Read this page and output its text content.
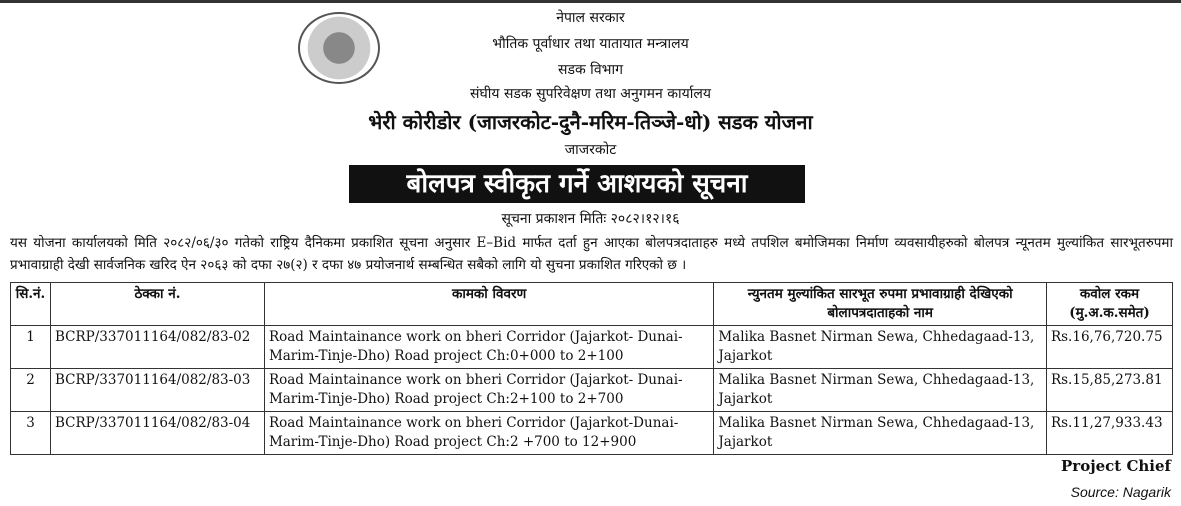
नेपाल सरकार
भौतिक पूर्वाधार तथा यातायात मन्त्रालय
सडक विभाग
संघीय सडक सुपरिवेक्षण तथा अनुगमन कार्यालय
भेरी कोरीडोर (जाजरकोट-दुनै-मरिम-तिञ्जे-धो) सडक योजना
जाजरकोट
बोलपत्र स्वीकृत गर्ने आशयको सूचना
सूचना प्रकाशन मितिः २०८२।१२।१६
यस योजना कार्यालयको मिति २०८२/०६/३० गतेको राष्ट्रिय दैनिकमा प्रकाशित सूचना अनुसार E–Bid मार्फत दर्ता हुन आएका बोलपत्रदाताहरु मध्ये तपशिल बमोजिमका निर्माण व्यवसायीहरुको बोलपत्र न्यूनतम मुल्यांकित सारभूतरुपमा प्रभावाग्राही देखी सार्वजनिक खरिद ऐन २०६३ को दफा २७(२) र दफा ४७ प्रयोजनार्थ सम्बन्धित सबैको लागि यो सुचना प्रकाशित गरिएको छ ।
सि.नं.	ठेक्का नं.	कामको विवरण	न्युनतम मुल्यांकित सारभूत रुपमा प्रभावाग्राही देखिएको बोलापत्रदाताहको नाम	कवोल रकम (मु.अ.क.समेत)
1	BCRP/337011164/082/83-02	Road Maintainance work on bheri Corridor (Jajarkot- Dunai-Marim-Tinje-Dho) Road project Ch:0+000 to 2+100	Malika Basnet Nirman Sewa, Chhedagaad-13, Jajarkot	Rs.16,76,720.75
2	BCRP/337011164/082/83-03	Road Maintainance work on bheri Corridor (Jajarkot- Dunai-Marim-Tinje-Dho) Road project Ch:2+100 to 2+700	Malika Basnet Nirman Sewa, Chhedagaad-13, Jajarkot	Rs.15,85,273.81
3	BCRP/337011164/082/83-04	Road Maintainance work on bheri Corridor (Jajarkot-Dunai-Marim-Tinje-Dho) Road project Ch:2 +700 to 12+900	Malika Basnet Nirman Sewa, Chhedagaad-13, Jajarkot	Rs.11,27,933.43
Project Chief
Source: Nagarik
